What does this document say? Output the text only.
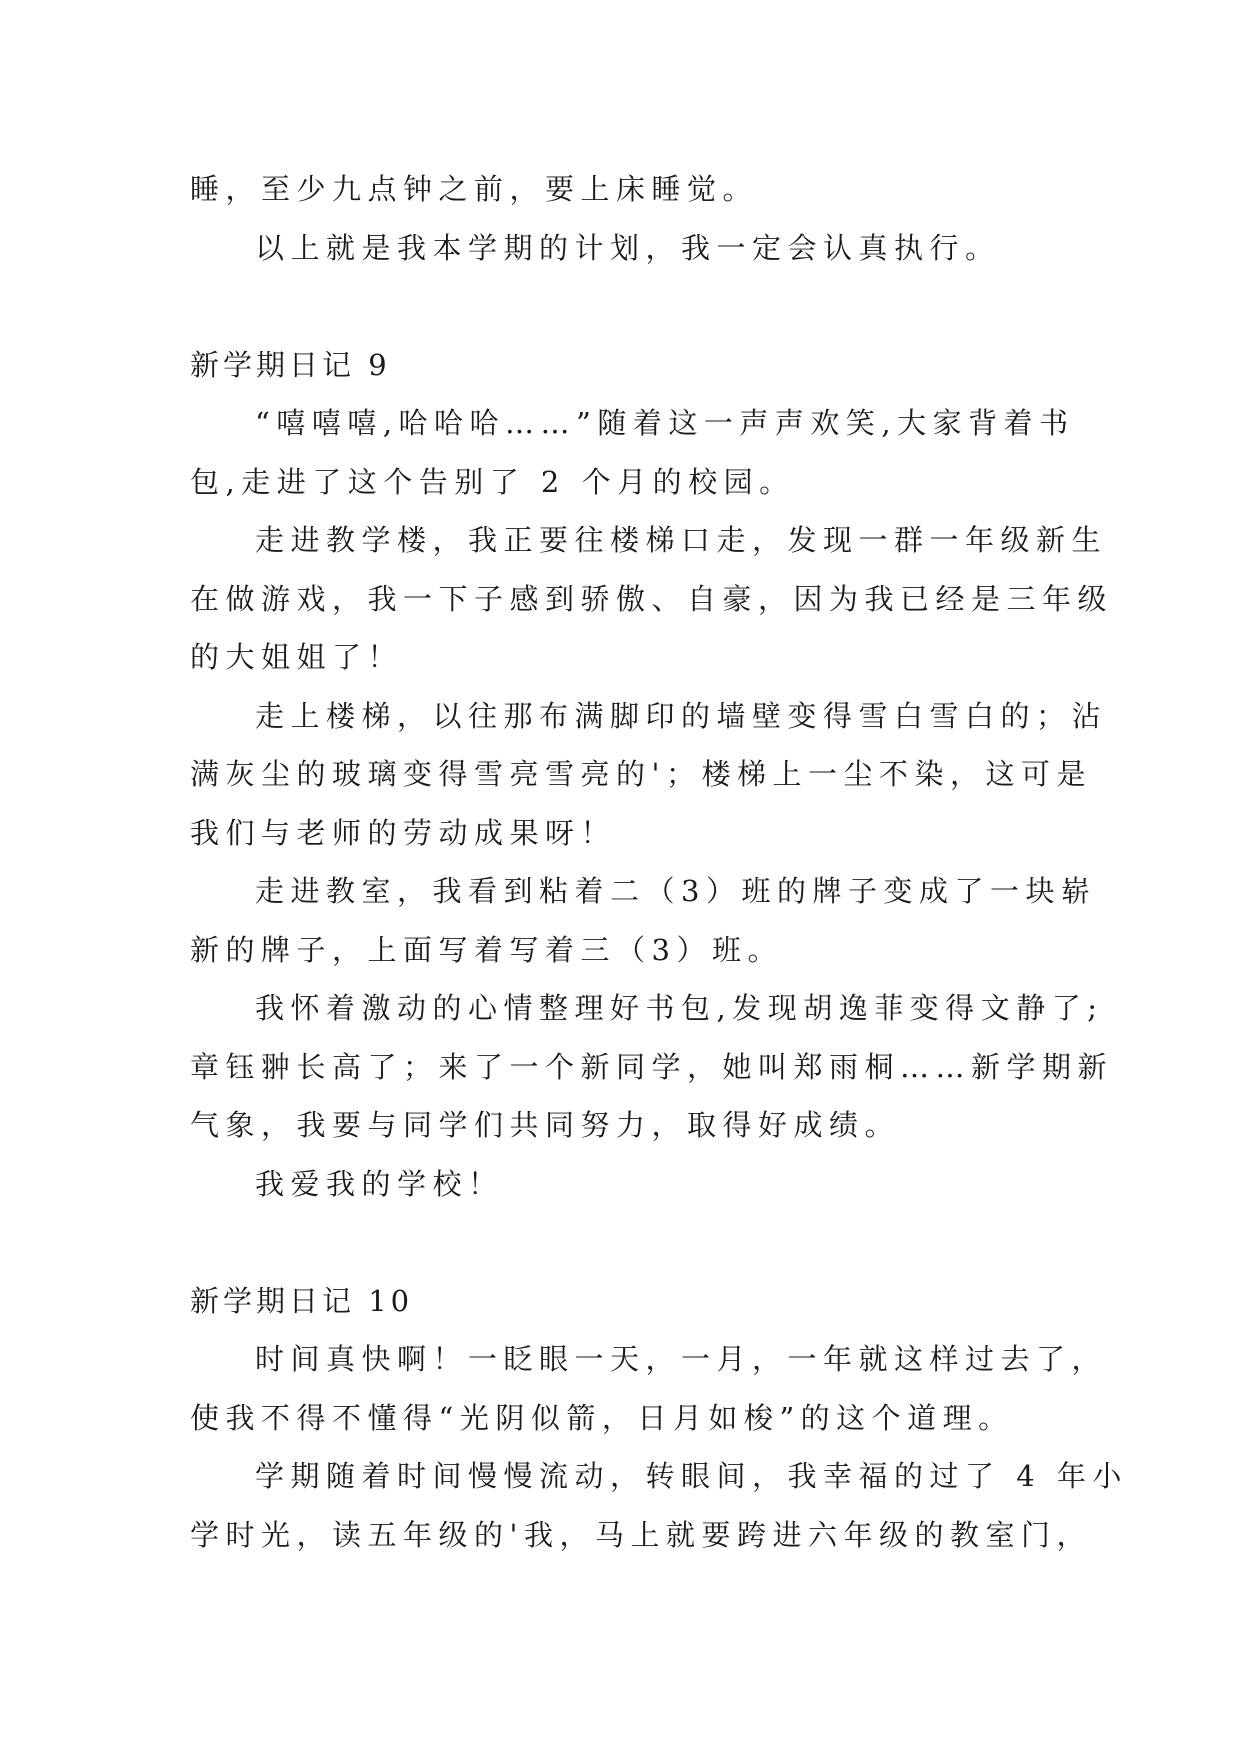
睡，至少九点钟之前，要上床睡觉。
以上就是我本学期的计划，我一定会认真执行。
新学期日记 9
“嘻嘻嘻,哈哈哈……”随着这一声声欢笑,大家背着书
包,走进了这个告别了 2 个月的校园。
走进教学楼，我正要往楼梯口走，发现一群一年级新生
在做游戏，我一下子感到骄傲、自豪，因为我已经是三年级
的大姐姐了！
走上楼梯，以往那布满脚印的墙壁变得雪白雪白的；沾
满灰尘的玻璃变得雪亮雪亮的'；楼梯上一尘不染，这可是
我们与老师的劳动成果呀！
走进教室，我看到粘着二（3）班的牌子变成了一块崭
新的牌子，上面写着写着三（3）班。
我怀着激动的心情整理好书包,发现胡逸菲变得文静了;
章钰翀长高了；来了一个新同学，她叫郑雨桐……新学期新
气象，我要与同学们共同努力，取得好成绩。
我爱我的学校！
新学期日记 10
时间真快啊！一眨眼一天，一月，一年就这样过去了，
使我不得不懂得“光阴似箭，日月如梭”的这个道理。
学期随着时间慢慢流动，转眼间，我幸福的过了 4 年小
学时光，读五年级的'我，马上就要跨进六年级的教室门，
